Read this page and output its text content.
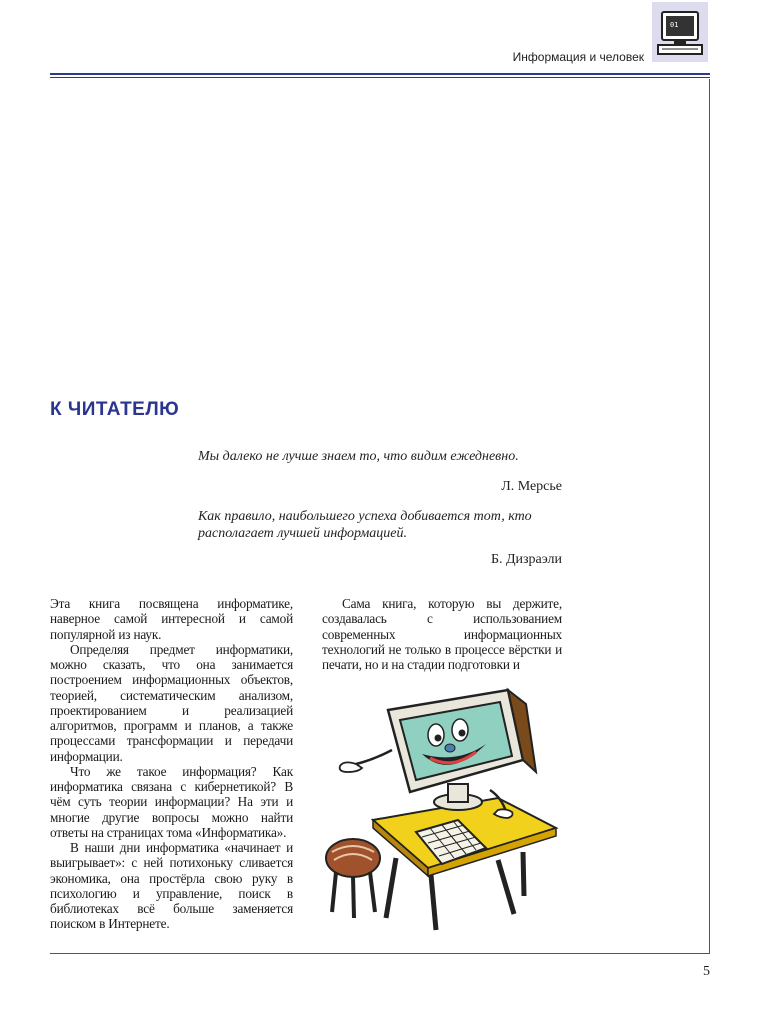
Информация и человек
01
К ЧИТАТЕЛЮ
Мы далеко не лучше знаем то, что видим ежедневно.
Л. Мерсье
Как правило, наибольшего успеха добивается тот, кто располагает лучшей информацией.
Б. Дизраэли

Эта книга посвящена информатике, наверное самой интересной и самой популярной из наук.

Определяя предмет информатики, можно сказать, что она занимается построением информационных объектов, теорией, систематическим анализом, проектированием и реализацией алгоритмов, программ и планов, а также процессами трансформации и передачи информации.

Что же такое информация? Как информатика связана с кибернетикой? В чём суть теории информации? На эти и многие другие вопросы можно найти ответы на страницах тома «Информатика».

В наши дни информатика «начинает и выигрывает»: с ней потихоньку сливается экономика, она простёрла свою руку в психологию и управление, поиск в библиотеках всё больше заменяется поиском в Интернете.

Сама книга, которую вы держите, создавалась с использованием современных информационных технологий не только в процессе вёрстки и печати, но и на стадии подготовки и

5
